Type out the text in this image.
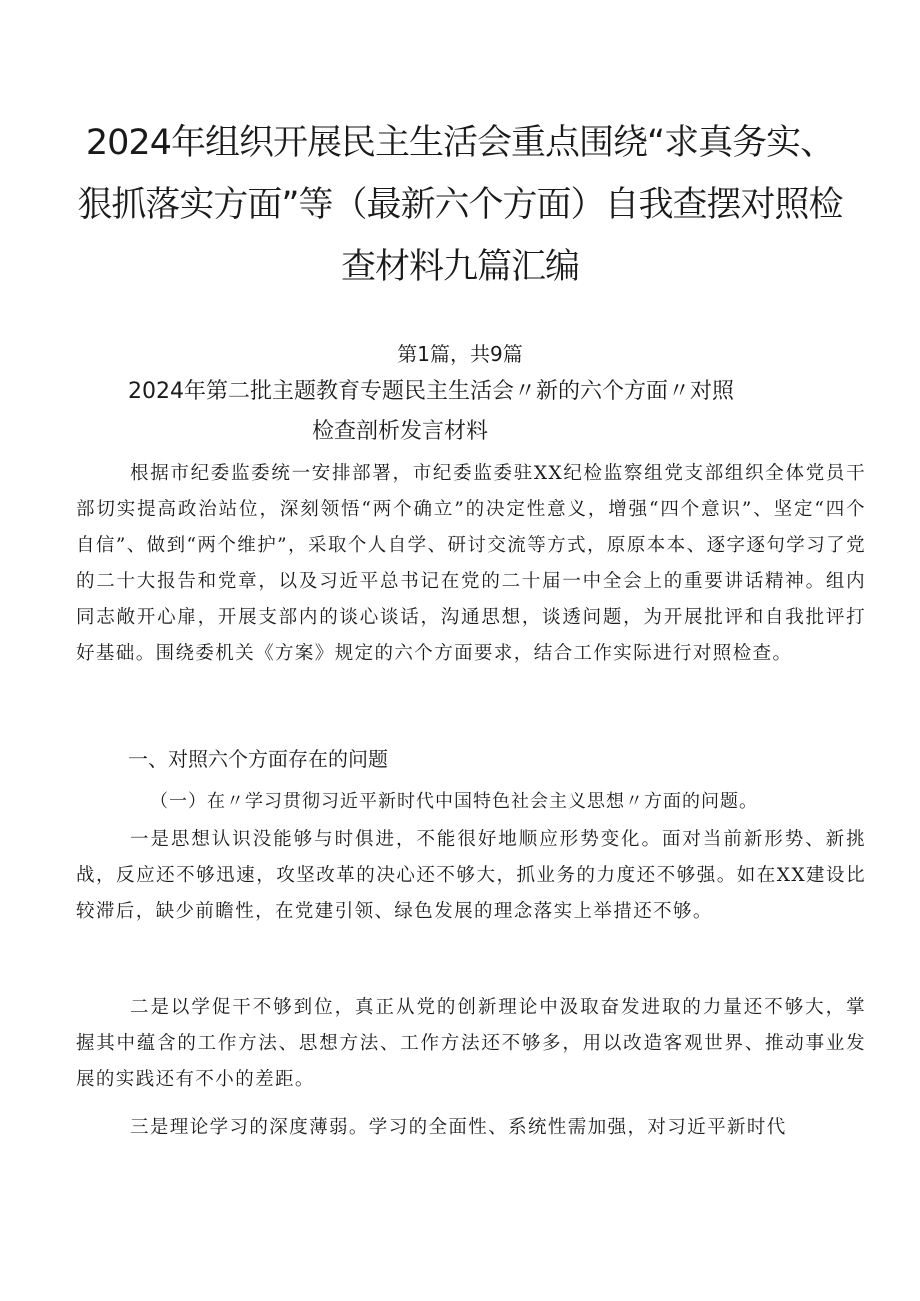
2024年组织开展民主生活会重点围绕“求真务实、
狠抓落实方面”等（最新六个方面）自我查摆对照检
查材料九篇汇编
第1篇，共9篇
2024年第二批主题教育专题民主生活会〃新的六个方面〃对照
检查剖析发言材料

根据市纪委监委统一安排部署，市纪委监委驻XX纪检监察组党支部组织全体党员干部切实提高政治站位，深刻领悟“两个确立”的决定性意义，增强“四个意识”、坚定“四个自信”、做到“两个维护”，采取个人自学、研讨交流等方式，原原本本、逐字逐句学习了党的二十大报告和党章，以及习近平总书记在党的二十届一中全会上的重要讲话精神。组内同志敞开心扉，开展支部内的谈心谈话，沟通思想，谈透问题，为开展批评和自我批评打好基础。围绕委机关《方案》规定的六个方面要求，结合工作实际进行对照检查。

一、对照六个方面存在的问题

（一）在〃学习贯彻习近平新时代中国特色社会主义思想〃方面的问题。

一是思想认识没能够与时俱进，不能很好地顺应形势变化。面对当前新形势、新挑战，反应还不够迅速，攻坚改革的决心还不够大，抓业务的力度还不够强。如在XX建设比较滞后，缺少前瞻性，在党建引领、绿色发展的理念落实上举措还不够。

二是以学促干不够到位，真正从党的创新理论中汲取奋发进取的力量还不够大，掌握其中蕴含的工作方法、思想方法、工作方法还不够多，用以改造客观世界、推动事业发展的实践还有不小的差距。

三是理论学习的深度薄弱。学习的全面性、系统性需加强，对习近平新时代
